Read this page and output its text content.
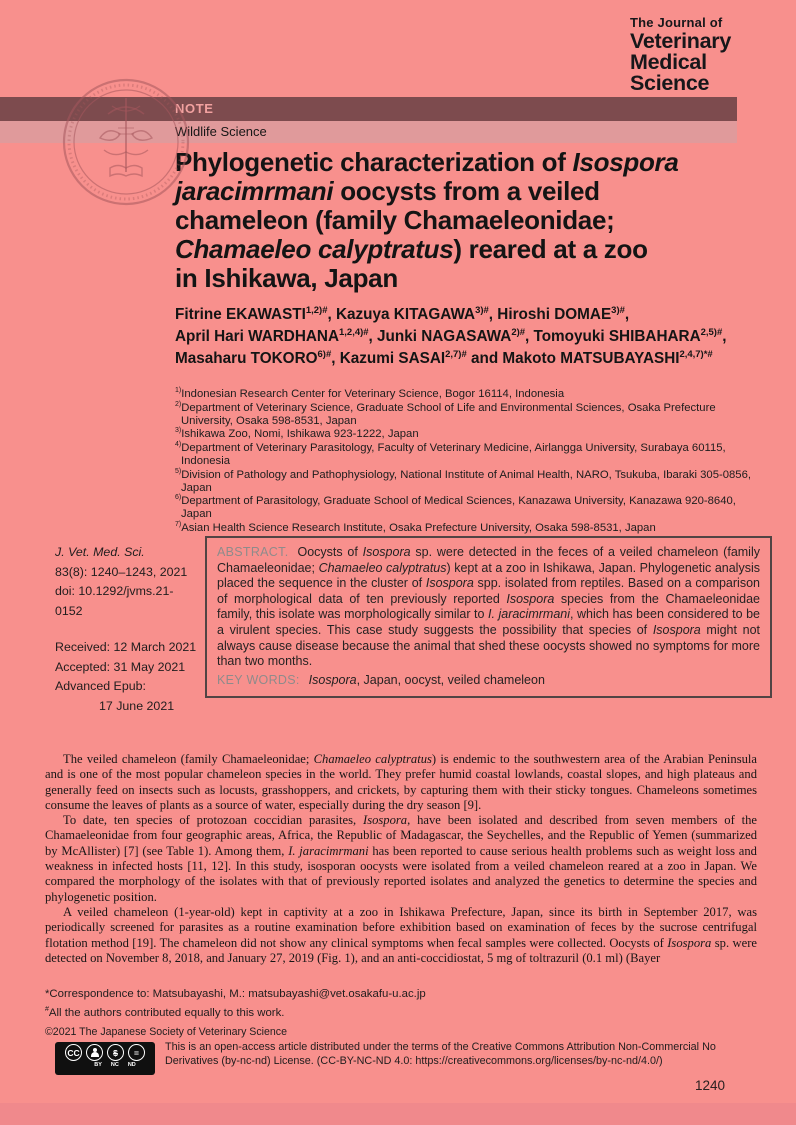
The Journal of
Veterinary
Medical
Science
NOTE
Wildlife Science
Phylogenetic characterization of Isospora
jaracimrmani oocysts from a veiled
chameleon (family Chamaeleonidae;
Chamaeleo calyptratus) reared at a zoo
in Ishikawa, Japan
Fitrine $EKAWASTI^{1,2)\#}$, Kazuya $KITAGAWA^{3)\#}$, Hiroshi $DOMAE^{3)\#}$,
April Hari $WARDHANA^{1,2,4)\#}$, Junki $NAGASAWA^{2)\#}$, Tomoyuki $SHIBAHARA^{2,5)\#}$,
Masaharu $TOKORO^{6)\#}$, Kazumi $SASAI^{2,7)\#}$ and Makoto $MATSUBAYASHI^{2,4,7)*\#}$
$^{1)}$Indonesian Research Center for Veterinary Science, Bogor 16114, Indonesia
$^{2)}$Department of Veterinary Science, Graduate School of Life and Environmental Sciences, Osaka Prefecture University, Osaka 598-8531, Japan
$^{3)}$Ishikawa Zoo, Nomi, Ishikawa 923-1222, Japan
$^{4)}$Department of Veterinary Parasitology, Faculty of Veterinary Medicine, Airlangga University, Surabaya 60115, Indonesia
$^{5)}$Division of Pathology and Pathophysiology, National Institute of Animal Health, NARO, Tsukuba, Ibaraki 305-0856, Japan
$^{6)}$Department of Parasitology, Graduate School of Medical Sciences, Kanazawa University, Kanazawa 920-8640, Japan
$^{7)}$Asian Health Science Research Institute, Osaka Prefecture University, Osaka 598-8531, Japan
J. Vet. Med. Sci.
83(8): 1240–1243, 2021
doi: 10.1292/jvms.21-0152
Received: 12 March 2021
Accepted: 31 May 2021
Advanced Epub:
17 June 2021

ABSTRACT. Oocysts of Isospora sp. were detected in the feces of a veiled chameleon (family Chamaeleonidae; Chamaeleo calyptratus) kept at a zoo in Ishikawa, Japan. Phylogenetic analysis placed the sequence in the cluster of Isospora spp. isolated from reptiles. Based on a comparison of morphological data of ten previously reported Isospora species from the Chamaeleonidae family, this isolate was morphologically similar to I. jaracimrmani, which has been considered to be a virulent species. This case study suggests the possibility that species of Isospora might not always cause disease because the animal that shed these oocysts showed no symptoms for more than two months.

KEY WORDS: Isospora, Japan, oocyst, veiled chameleon

The veiled chameleon (family Chamaeleonidae; Chamaeleo calyptratus) is endemic to the southwestern area of the Arabian Peninsula and is one of the most popular chameleon species in the world. They prefer humid coastal lowlands, coastal slopes, and high plateaus and generally feed on insects such as locusts, grasshoppers, and crickets, by capturing them with their sticky tongues. Chameleons sometimes consume the leaves of plants as a source of water, especially during the dry season [9].

To date, ten species of protozoan coccidian parasites, Isospora, have been isolated and described from seven members of the Chamaeleonidae from four geographic areas, Africa, the Republic of Madagascar, the Seychelles, and the Republic of Yemen (summarized by McAllister) [7] (see Table 1). Among them, I. jaracimrmani has been reported to cause serious health problems such as weight loss and weakness in infected hosts [11, 12]. In this study, isosporan oocysts were isolated from a veiled chameleon reared at a zoo in Japan. We compared the morphology of the isolates with that of previously reported isolates and analyzed the genetics to determine the species and phylogenetic position.

A veiled chameleon (1-year-old) kept in captivity at a zoo in Ishikawa Prefecture, Japan, since its birth in September 2017, was periodically screened for parasites as a routine examination before exhibition based on examination of feces by the sucrose centrifugal flotation method [19]. The chameleon did not show any clinical symptoms when fecal samples were collected. Oocysts of Isospora sp. were detected on November 8, 2018, and January 27, 2019 (Fig. 1), and an anti-coccidiostat, 5 mg of toltrazuril (0.1 ml) (Bayer

*Correspondence to: Matsubayashi, M.: matsubayashi@vet.osakafu-u.ac.jp
#All the authors contributed equally to this work.
©2021 The Japanese Society of Veterinary Science
CC	$	=
BY NC ND
This is an open-access article distributed under the terms of the Creative Commons Attribution Non-Commercial No Derivatives (by-nc-nd) License. (CC-BY-NC-ND 4.0: https://creativecommons.org/licenses/by-nc-nd/4.0/)
1240
